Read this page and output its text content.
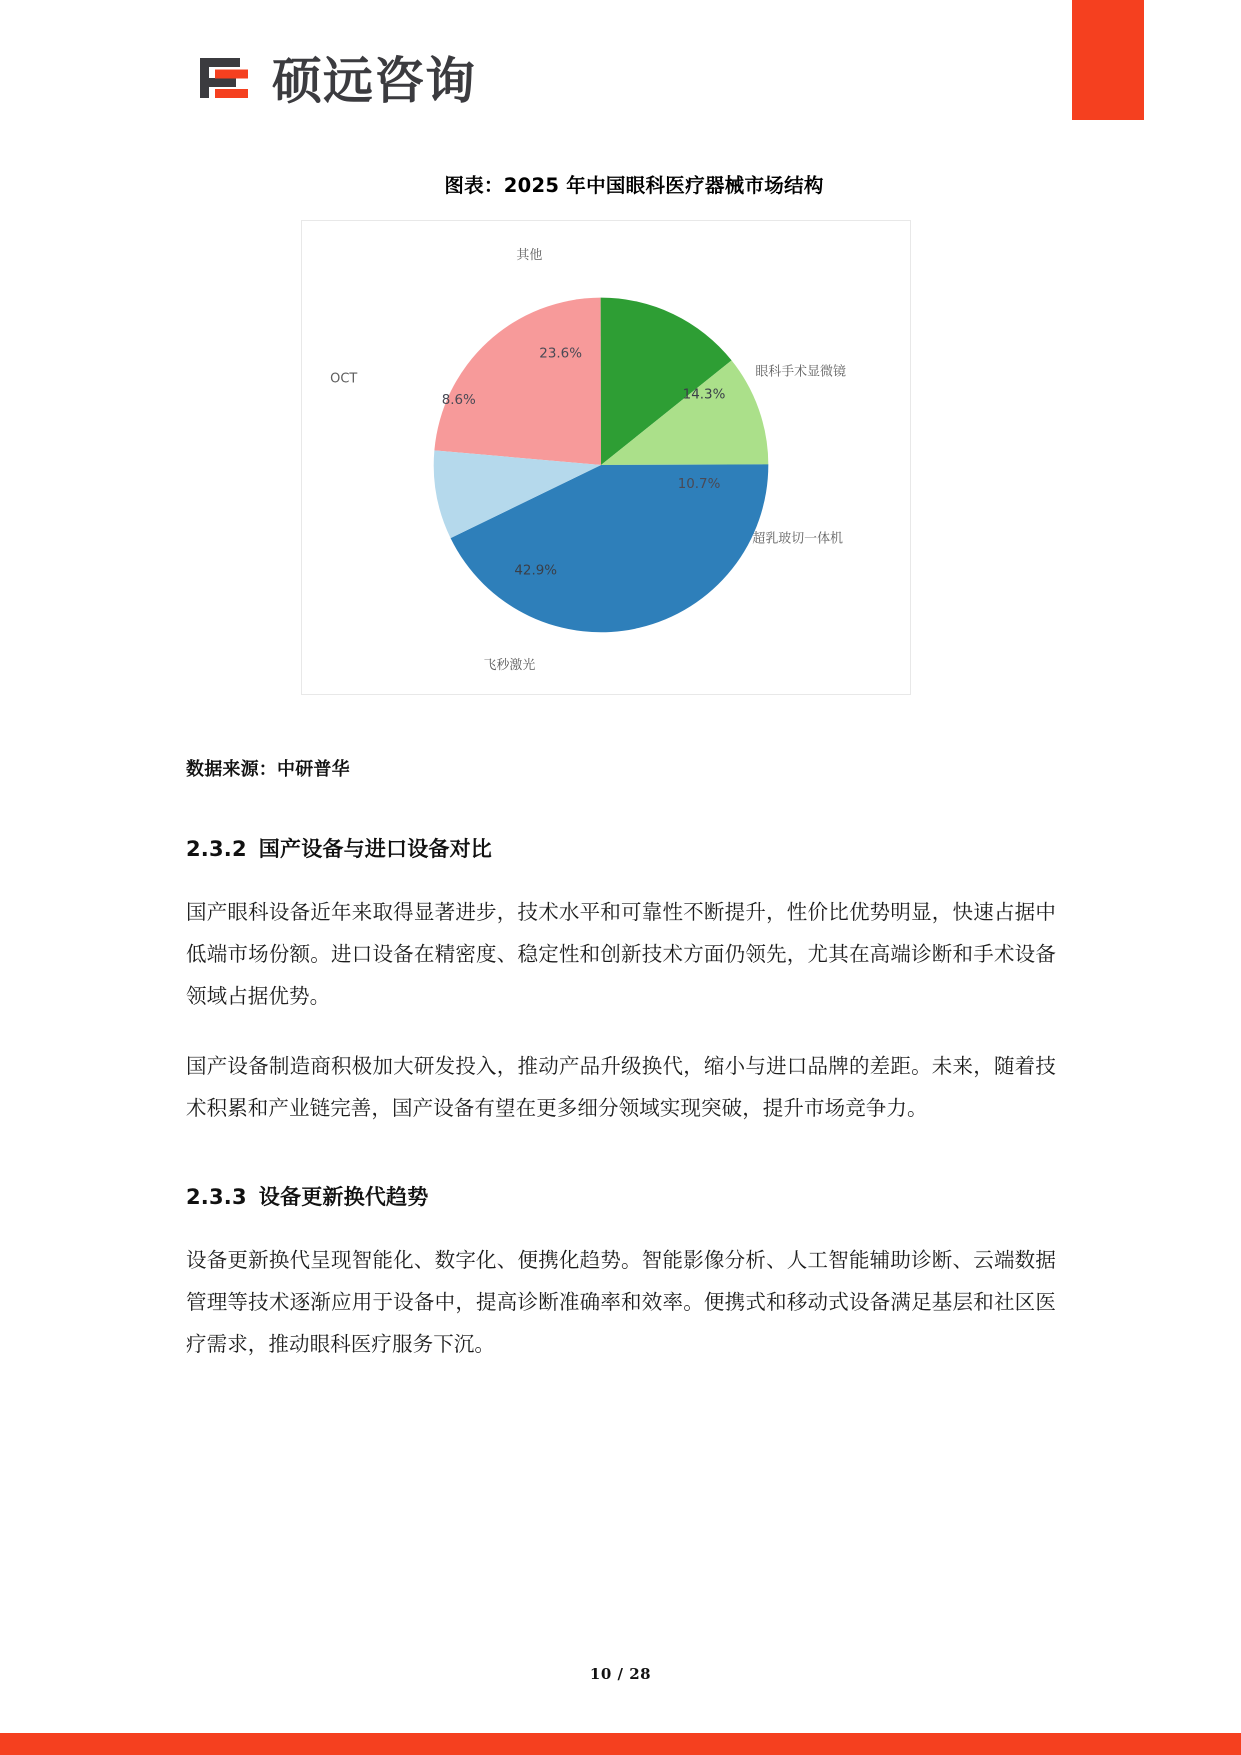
硕远咨询
图表：2025 年中国眼科医疗器械市场结构
其他
眼科手术显微镜
超乳玻切一体机
飞秒激光
OCT
23.6%
14.3%
10.7%
42.9%
8.6%
数据来源：中研普华
2.3.2 国产设备与进口设备对比

国产眼科设备近年来取得显著进步，技术水平和可靠性不断提升，性价比优势明显，快速占据中低端市场份额。进口设备在精密度、稳定性和创新技术方面仍领先，尤其在高端诊断和手术设备领域占据优势。

国产设备制造商积极加大研发投入，推动产品升级换代，缩小与进口品牌的差距。未来，随着技术积累和产业链完善，国产设备有望在更多细分领域实现突破，提升市场竞争力。

2.3.3 设备更新换代趋势

设备更新换代呈现智能化、数字化、便携化趋势。智能影像分析、人工智能辅助诊断、云端数据管理等技术逐渐应用于设备中，提高诊断准确率和效率。便携式和移动式设备满足基层和社区医疗需求，推动眼科医疗服务下沉。

10 / 28
